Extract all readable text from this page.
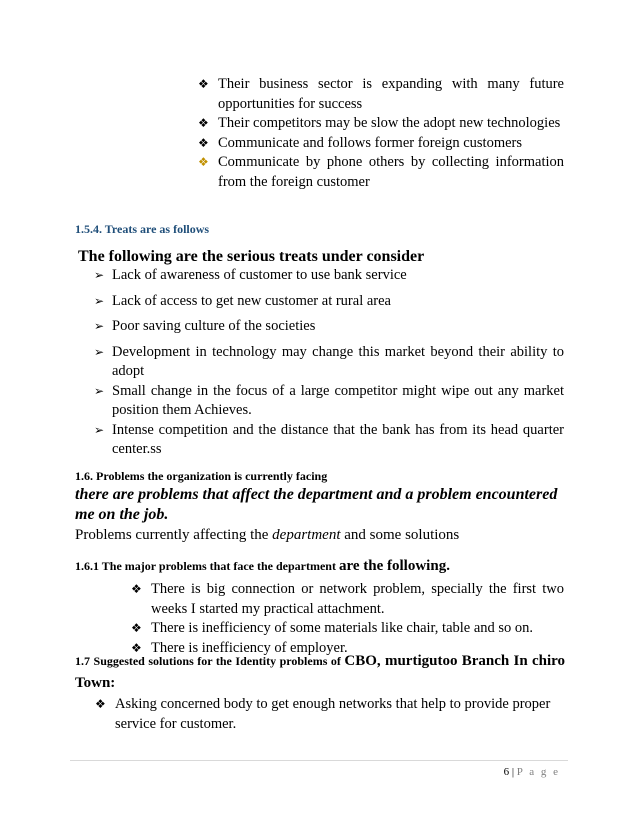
❖ Their business sector is expanding with many future opportunities for success
❖ Their competitors may be slow the adopt new technologies
❖ Communicate and follows former foreign customers
❖ Communicate by phone others by collecting information from the foreign customer
1.5.4. Treats are as follows
The following are the serious treats under consider
➢ Lack of awareness of customer to use bank service
➢ Lack of access to get new customer at rural area
➢ Poor saving culture of the societies
➢ Development in technology may change this market beyond their ability to adopt
➢ Small change in the focus of a large competitor might wipe out any market position them Achieves.
➢ Intense competition and the distance that the bank has from its head quarter center.ss
1.6. Problems the organization is currently facing
there are problems that affect the department and a problem encountered me on the job.
Problems currently affecting the department and some solutions
1.6.1 The major problems that face the department are the following.
❖ There is big connection or network problem, specially the first two weeks I started my practical attachment.
❖ There is inefficiency of some materials like chair, table and so on.
❖ There is inefficiency of employer.
1.7 Suggested solutions for the Identity problems of CBO, murtigutoo Branch In chiro Town:
❖ Asking concerned body to get enough networks that help to provide proper service for customer.
6 | P a g e
